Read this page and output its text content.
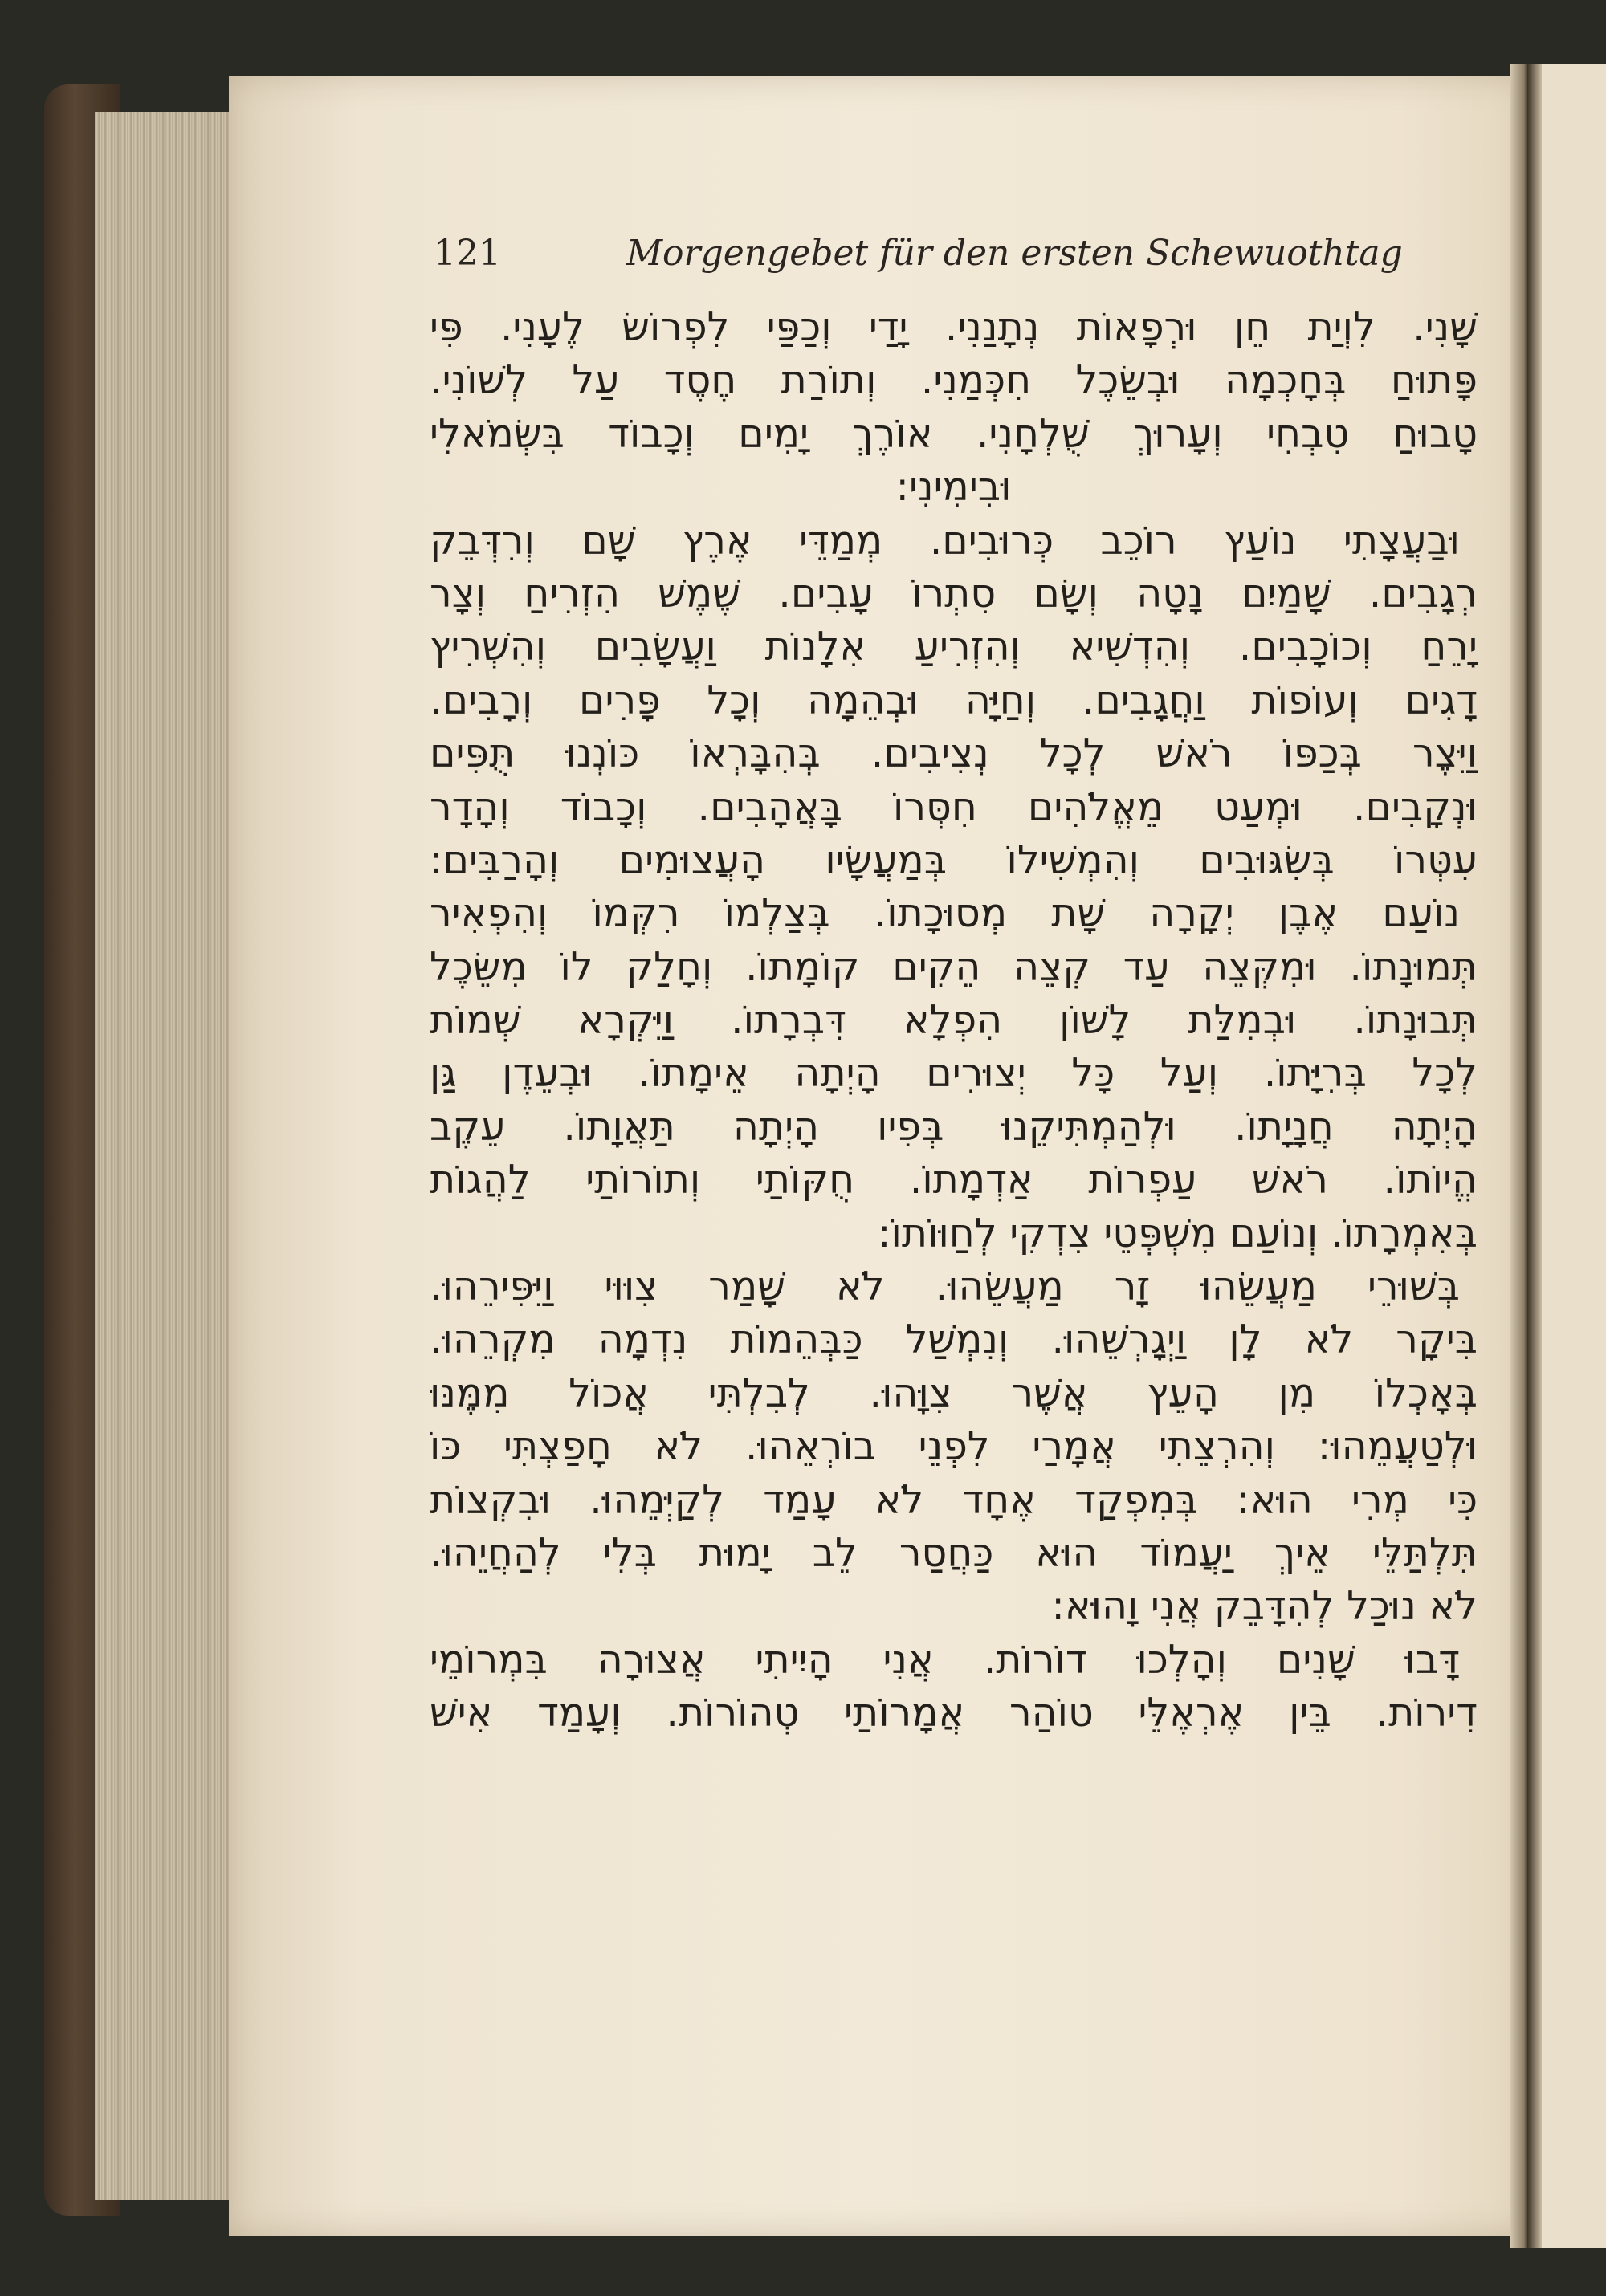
121	Morgengebet für den ersten Schewuothtag
שָׁנִי. לִוְיַת חֵן וּרְפָאוֹת נְתָנַנִי. יָדַי וְכַפַּי לִפְרוֹשׂ לֶעָנִי. פִּי
פָּתוּחַ בְּחָכְמָה וּבְשֵׂכֶל חִכְּמַנִי. וְתוֹרַת חֶסֶד עַל לְשׁוֹנִי.
טָבוּחַ טִבְחִי וְעָרוּךְ שֻׁלְחָנִי. אוֹרֶךְ יָמִים וְכָבוֹד בִּשְׂמֹאלִי
וּבִימִינִי:
וּבַעֲצָתִי נוֹעַץ רוֹכֵב כְּרוּבִים. מְמַדֵּי אֶרֶץ שָׁם וְרִדְּבֵק
רְגָבִים. שָׁמַיִם נָטָה וְשָׂם סִתְרוֹ עָבִים. שֶׁמֶשׁ הִזְרִיחַ וְצָר
יָרֵחַ וְכוֹכָבִים. וְהִדְשִׁיא וְהִזְרִיעַ אִלָנוֹת וַעֲשָׂבִים וְהִשְׁרִיץ
דָגִים וְעוֹפוֹת וַחֲגָבִים. וְחַיָּה וּבְהֵמָה וְכָל פָּרִים וְרָבִים.
וַיִּצֶר בְּכַפּוֹ רֹאשׁ לְכָל נְצִיבִים. בְּהִבָּרְאוֹ כּוֹנְנוּ תֻּפִּים
וּנְקָבִים. וּמְעַט מֵאֱלֹהִים חִסְּרוֹ בָּאֲהָבִים. וְכָבוֹד וְהָדָר
עִטְּרוֹ בְּשִׂגּוּבִים וְהִמְשִׁילוֹ בְּמַעֲשָׂיו הָעֲצוּמִים וְהָרַבִּים:
נוֹעַם אֶבֶן יְקָרָה שָׁת מְסוּכָתוֹ. בְּצַלְמוֹ רִקְּמוֹ וְהִפְאִיר
תְּמוּנָתוֹ. וּמִקְּצֵה עַד קְצֵה הֵקִים קוֹמָתוֹ. וְחָלַק לוֹ מִשֵּׂכֶל
תְּבוּנָתוֹ. וּבְמִלַּת לָשׁוֹן הִפְלָא דִּבְרָתוֹ. וַיִּקְרָא שְׁמוֹת
לְכָל בְּרִיָּתוֹ. וְעַל כָּל יְצוּרִים הָיְתָה אֵימָתוֹ. וּבְעֵדֶן גַּן
הָיְתָה חֲנָיָתוֹ. וּלְהַמְתִּיקֵנוּ בְּפִיו הָיְתָה תַּאֲוָתוֹ. עֵקֶב
הֱיוֹתוֹ. רֹאשׁ עַפְרוֹת אַדְמָתוֹ. חֻקּוֹתַי וְתוֹרוֹתַי לַהֲגוֹת
בְּאִמְרָתוֹ. וְנוֹעַם מִשְׁפְּטֵי צִדְקִי לְחַוּוֹתוֹ:
בְּשׁוּרֵי מַעֲשֵׂהוּ זָר מַעֲשֵׂהוּ. לֹא שָׁמַר צִוּוּי וַיִּפִּירֵהוּ.
בִּיקָר לֹא לָן וַיְגָרְשֵׁהוּ. וְנִמְשַׁל כַּבְּהֵמוֹת נִדְמָה מִקְרֵהוּ.
בְּאָכְלוֹ מִן הָעֵץ אֲשֶׁר צִוָּהוּ. לְבִלְתִּי אֲכוֹל מִמֶּנּוּ
וּלְטַעֲמֵהוּ: וְהִרְצֵתִי אֲמָרַי לִפְנֵי בוֹרְאֵהוּ. לֹא חָפַצְתִּי כּוֹ
כִּי מְרִי הוּא: בְּמִפְקַד אֶחָד לֹא עָמַד לְקַיְּמֵהוּ. וּבִקְצוֹת
תִּלְתַּלֵּי אֵיךְ יַעֲמוֹד הוּא כַּחֲסַר לֵב יָמוּת בְּלִי לְהַחֲיֵהוּ.
לֹא נוּכַל לְהִדָּבֵק אֲנִי וָהוּא:
דָּבוּ שָׁנִים וְהָלְכוּ דוֹרוֹת. אֲנִי הָיִיתִי אֲצוּרָה בִּמְרוֹמֵי
דִירוֹת. בֵּין אֶרְאֶלֵּי טוֹהַר אֲמָרוֹתַי טְהוֹרוֹת. וְעָמַד אִישׁ
